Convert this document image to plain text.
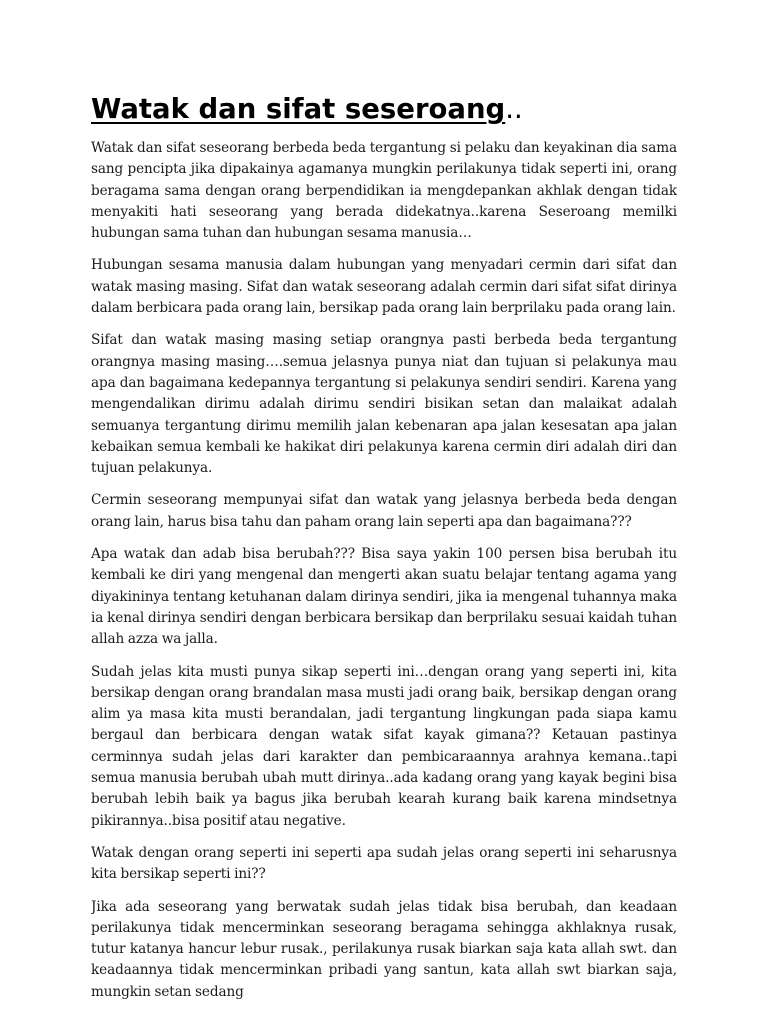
Watak dan sifat seseroang..

Watak dan sifat seseorang berbeda beda tergantung si pelaku dan keyakinan dia sama sang pencipta jika dipakainya agamanya mungkin perilakunya tidak seperti ini, orang beragama sama dengan orang berpendidikan ia mengdepankan akhlak dengan tidak menyakiti hati seseorang yang berada didekatnya..karena Seseroang memilki hubungan sama tuhan dan hubungan sesama manusia…

Hubungan sesama manusia dalam hubungan yang menyadari cermin dari sifat dan watak masing masing. Sifat dan watak seseorang adalah cermin dari sifat sifat dirinya dalam berbicara pada orang lain, bersikap pada orang lain berprilaku pada orang lain.

Sifat dan watak masing masing setiap orangnya pasti berbeda beda tergantung orangnya masing masing….semua jelasnya punya niat dan tujuan si pelakunya mau apa dan bagaimana kedepannya tergantung si pelakunya sendiri sendiri. Karena yang mengendalikan dirimu adalah dirimu sendiri bisikan setan dan malaikat adalah semuanya tergantung dirimu memilih jalan kebenaran apa jalan kesesatan apa jalan kebaikan semua kembali ke hakikat diri pelakunya karena cermin diri adalah diri dan tujuan pelakunya.

Cermin seseorang mempunyai sifat dan watak yang jelasnya berbeda beda dengan orang lain, harus bisa tahu dan paham orang lain seperti apa dan bagaimana???

Apa watak dan adab bisa berubah??? Bisa saya yakin 100 persen bisa berubah itu kembali ke diri yang mengenal dan mengerti akan suatu belajar tentang agama yang diyakininya tentang ketuhanan dalam dirinya sendiri, jika ia mengenal tuhannya maka ia kenal dirinya sendiri dengan berbicara bersikap dan berprilaku sesuai kaidah tuhan allah azza wa jalla.

Sudah jelas kita musti punya sikap seperti ini…dengan orang yang seperti ini, kita bersikap dengan orang brandalan masa musti jadi orang baik, bersikap dengan orang alim ya masa kita musti berandalan, jadi tergantung lingkungan pada siapa kamu bergaul dan berbicara dengan watak sifat kayak gimana?? Ketauan pastinya cerminnya sudah jelas dari karakter dan pembicaraannya arahnya kemana..tapi semua manusia berubah ubah mutt dirinya..ada kadang orang yang kayak begini bisa berubah lebih baik ya bagus jika berubah kearah kurang baik karena mindsetnya pikirannya..bisa positif atau negative.

Watak dengan orang seperti ini seperti apa sudah jelas orang seperti ini seharusnya kita bersikap seperti ini??

Jika ada seseorang yang berwatak sudah jelas tidak bisa berubah, dan keadaan perilakunya tidak mencerminkan seseorang beragama sehingga akhlaknya rusak, tutur katanya hancur lebur rusak., perilakunya rusak biarkan saja kata allah swt. dan keadaannya tidak mencerminkan pribadi yang santun, kata allah swt biarkan saja, mungkin setan sedang
